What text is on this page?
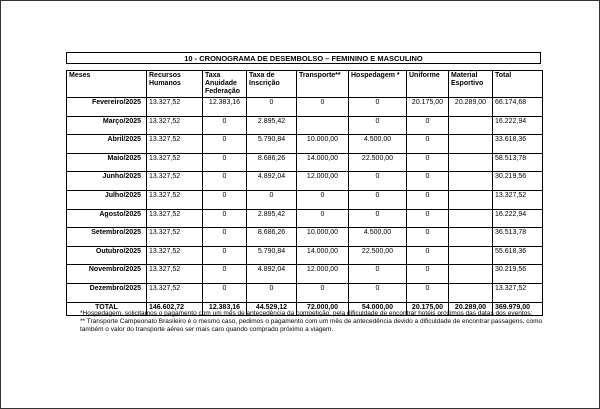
10 - CRONOGRAMA DE DESEMBOLSO – FEMININO E MASCULINO
Meses	Recursos Humanos	Taxa Anuidade Federação	Taxa de Inscrição	Transporte**	Hospedagem *	Uniforme	Material Esportivo	Total
Fevereiro/2025	13.327,52	12.383,16	0	0	0	20.175,00	20.289,00	66.174,68
Março/2025	13.327,52	0	2.895,42		0	0		16.222,94
Abril/2025	13.327,52	0	5.790,84	10.000,00	4.500,00	0		33.618,36
Maio/2025	13.327,52	0	8.686,26	14.000,00	22.500,00	0		58.513,78
Junho/2025	13.327,52	0	4.892,04	12.000,00	0	0		30.219,56
Julho/2025	13.327,52	0	0	0	0	0		13.327,52
Agosto/2025	13.327,52	0	2.895,42	0	0	0		16.222,94
Setembro/2025	13.327,52	0	8.686,26	10.000,00	4.500,00	0		36.513,78
Outubro/2025	13.327,52	0	5.790,84	14.000,00	22.500,00	0		55.618,36
Novembro/2025	13.327,52	0	4.892,04	12.000,00	0	0		30.219,56
Dezembro/2025	13.327,52	0	0	0	0	0		13.327,52
TOTAL	146.602,72	12.383,16	44.529,12	72.000,00	54.000,00	20.175,00	20.289,00	369.979,00

*Hospedagem, solicitamos o pagamento com um mês de antecedência da competição, pela dificuldade de encontrar hotéis próximos das datas dos eventos;

** Transporte Campeonato Brasileiro é o mesmo caso, pedimos o pagamento com um mês de antecedência devido a dificuldade de encontrar passagens, como também o valor do transporte aéreo ser mais caro quando comprado próximo a viagem.
